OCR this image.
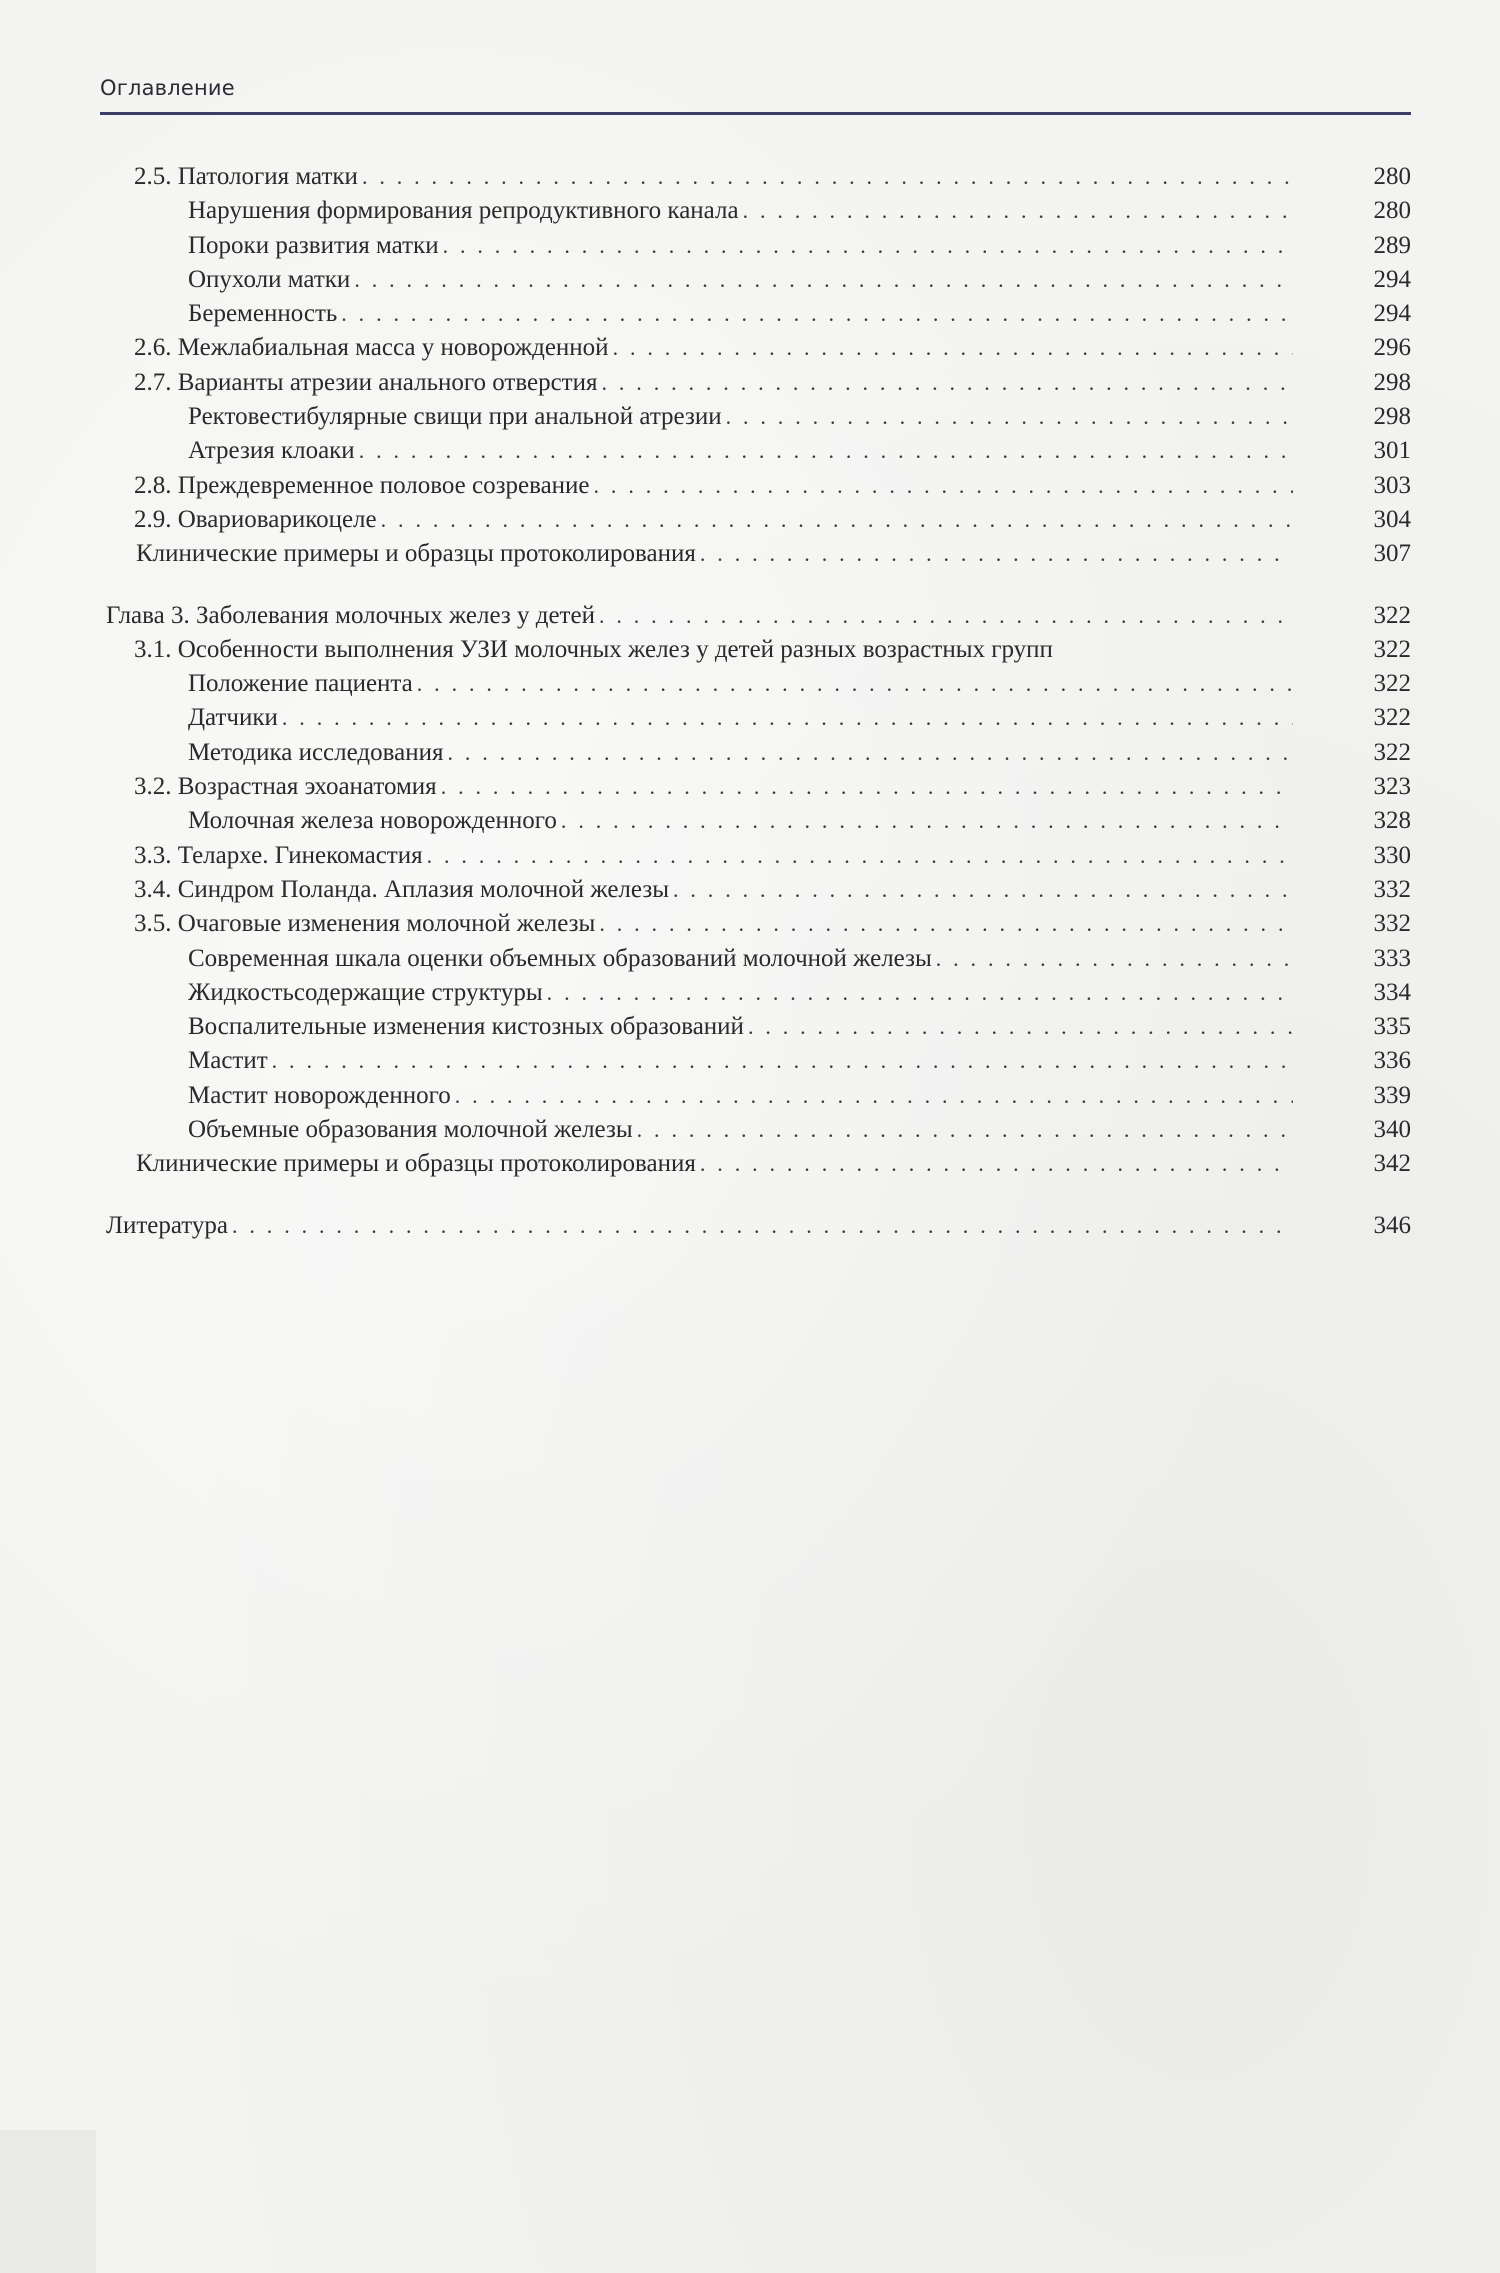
Оглавление
2.5. Патология матки . . .	280
Нарушения формирования репродуктивного канала . . .	280
Пороки развития матки . . .	289
Опухоли матки . . .	294
Беременность . . .	294
2.6. Межлабиальная масса у новорожденной . . .	296
2.7. Варианты атрезии анального отверстия . . .	298
Ректовестибулярные свищи при анальной атрезии . . .	298
Атрезия клоаки . . .	301
2.8. Преждевременное половое созревание . . .	303
2.9. Овариоварикоцеле . . .	304
Клинические примеры и образцы протоколирования . . .	307
Глава 3. Заболевания молочных желез у детей . . .	322
3.1. Особенности выполнения УЗИ молочных желез у детей разных возрастных групп	322
Положение пациента . . .	322
Датчики . . .	322
Методика исследования . . .	322
3.2. Возрастная эхоанатомия . . .	323
Молочная железа новорожденного . . .	328
3.3. Телархе. Гинекомастия . . .	330
3.4. Синдром Поланда. Аплазия молочной железы . . .	332
3.5. Очаговые изменения молочной железы . . .	332
Современная шкала оценки объемных образований молочной железы . . .	333
Жидкостьсодержащие структуры . . .	334
Воспалительные изменения кистозных образований . . .	335
Мастит . . .	336
Мастит новорожденного . . .	339
Объемные образования молочной железы . . .	340
Клинические примеры и образцы протоколирования . . .	342
Литература . . .	346
